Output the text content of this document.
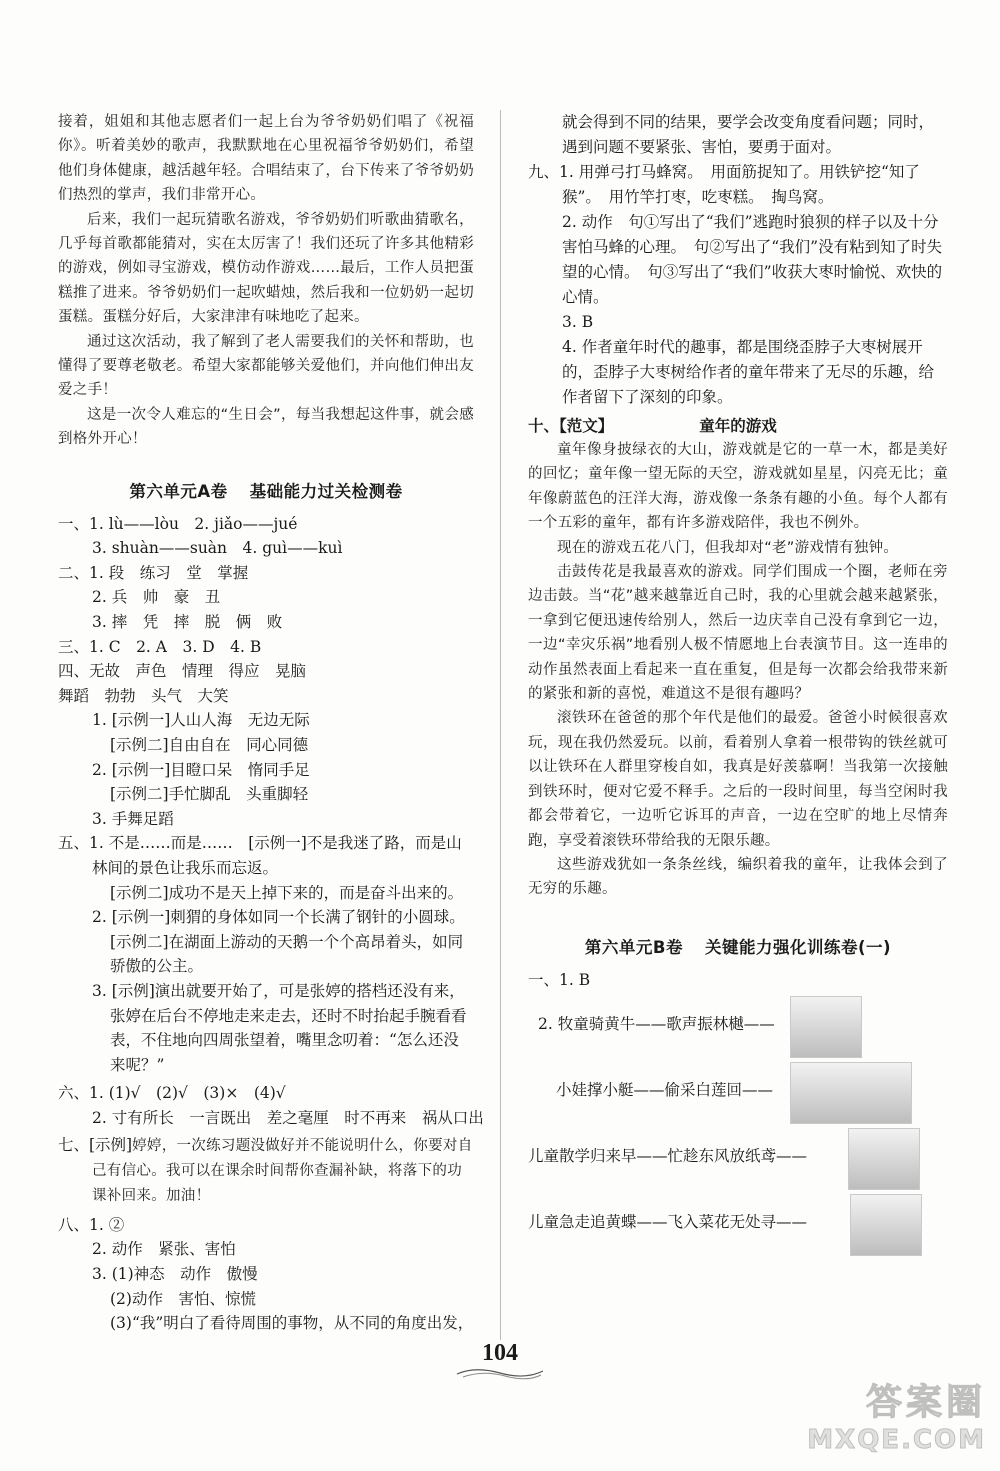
接着，姐姐和其他志愿者们一起上台为爷爷奶奶们唱了《祝福你》。听着美妙的歌声，我默默地在心里祝福爷爷奶奶们，希望他们身体健康，越活越年轻。合唱结束了，台下传来了爷爷奶奶们热烈的掌声，我们非常开心。

后来，我们一起玩猜歌名游戏，爷爷奶奶们听歌曲猜歌名，几乎每首歌都能猜对，实在太厉害了！我们还玩了许多其他精彩的游戏，例如寻宝游戏，模仿动作游戏……最后，工作人员把蛋糕推了进来。爷爷奶奶们一起吹蜡烛，然后我和一位奶奶一起切蛋糕。蛋糕分好后，大家津津有味地吃了起来。

通过这次活动，我了解到了老人需要我们的关怀和帮助，也懂得了要尊老敬老。希望大家都能够关爱他们，并向他们伸出友爱之手！

这是一次令人难忘的“生日会”，每当我想起这件事，就会感到格外开心！

第六单元A卷 基础能力过关检测卷

一、1. lù——lòu　2. jiǎo——jué

3. shuàn——suàn　4. guì——kuì

二、1. 段　练习　堂　掌握

2. 兵　帅　豪　丑

3. 摔　凭　摔　脱　俩　败

三、1. C　2. A　3. D　4. B

四、无故　声色　情理　得应　晃脑

舞蹈　勃勃　头气　大笑

1. [示例一]人山人海　无边无际

[示例二]自由自在　同心同德

2. [示例一]目瞪口呆　惰同手足

[示例二]手忙脚乱　头重脚轻

3. 手舞足蹈

五、1. 不是……而是……　[示例一]不是我迷了路，而是山林间的景色让我乐而忘返。

[示例二]成功不是天上掉下来的，而是奋斗出来的。

2. [示例一]刺猬的身体如同一个长满了钢针的小圆球。

[示例二]在湖面上游动的天鹅一个个高昂着头，如同骄傲的公主。

3. [示例]演出就要开始了，可是张婷的搭档还没有来，张婷在后台不停地走来走去，还时不时抬起手腕看看表，不住地向四周张望着，嘴里念叨着：“怎么还没来呢？”

六、1. (1)√　(2)√　(3)×　(4)√

2. 寸有所长　一言既出　差之毫厘　时不再来　祸从口出

七、[示例]婷婷，一次练习题没做好并不能说明什么，你要对自己有信心。我可以在课余时间帮你查漏补缺，将落下的功课补回来。加油！

八、1. ②

2. 动作　紧张、害怕

3. (1)神态　动作　傲慢

(2)动作　害怕、惊慌

(3)“我”明白了看待周围的事物，从不同的角度出发，

就会得到不同的结果，要学会改变角度看问题；同时，遇到问题不要紧张、害怕，要勇于面对。

九、1. 用弹弓打马蜂窝。　用面筋捉知了。用铁铲挖“知了猴”。　用竹竿打枣，吃枣糕。　掏鸟窝。

2. 动作　句①写出了“我们”逃跑时狼狈的样子以及十分害怕马蜂的心理。　句②写出了“我们”没有粘到知了时失望的心情。　句③写出了“我们”收获大枣时愉悦、欢快的心情。

3. B

4. 作者童年时代的趣事，都是围绕歪脖子大枣树展开的，歪脖子大枣树给作者的童年带来了无尽的乐趣，给作者留下了深刻的印象。

十、【范文】	童年的游戏

童年像身披绿衣的大山，游戏就是它的一草一木，都是美好的回忆；童年像一望无际的天空，游戏就如星星，闪亮无比；童年像蔚蓝色的汪洋大海，游戏像一条条有趣的小鱼。每个人都有一个五彩的童年，都有许多游戏陪伴，我也不例外。

现在的游戏五花八门，但我却对“老”游戏情有独钟。

击鼓传花是我最喜欢的游戏。同学们围成一个圈，老师在旁边击鼓。当“花”越来越靠近自己时，我的心里就会越来越紧张，一拿到它便迅速传给别人，然后一边庆幸自己没有拿到它一边，一边“幸灾乐祸”地看别人极不情愿地上台表演节目。这一连串的动作虽然表面上看起来一直在重复，但是每一次都会给我带来新的紧张和新的喜悦，难道这不是很有趣吗？

滚铁环在爸爸的那个年代是他们的最爱。爸爸小时候很喜欢玩，现在我仍然爱玩。以前，看着别人拿着一根带钩的铁丝就可以让铁环在人群里穿梭自如，我真是好羡慕啊！当我第一次接触到铁环时，便对它爱不释手。之后的一段时间里，每当空闲时我都会带着它，一边听它诉耳的声音，一边在空旷的地上尽情奔跑，享受着滚铁环带给我的无限乐趣。

这些游戏犹如一条条丝线，编织着我的童年，让我体会到了无穷的乐趣。

第六单元B卷 关键能力强化训练卷(一)

一、1. B

2. 牧童骑黄牛——歌声振林樾——
小娃撑小艇——偷采白莲回——
儿童散学归来早——忙趁东风放纸鸢——
儿童急走追黄蝶——飞入菜花无处寻——
104
答案圈
MXQE.COM
